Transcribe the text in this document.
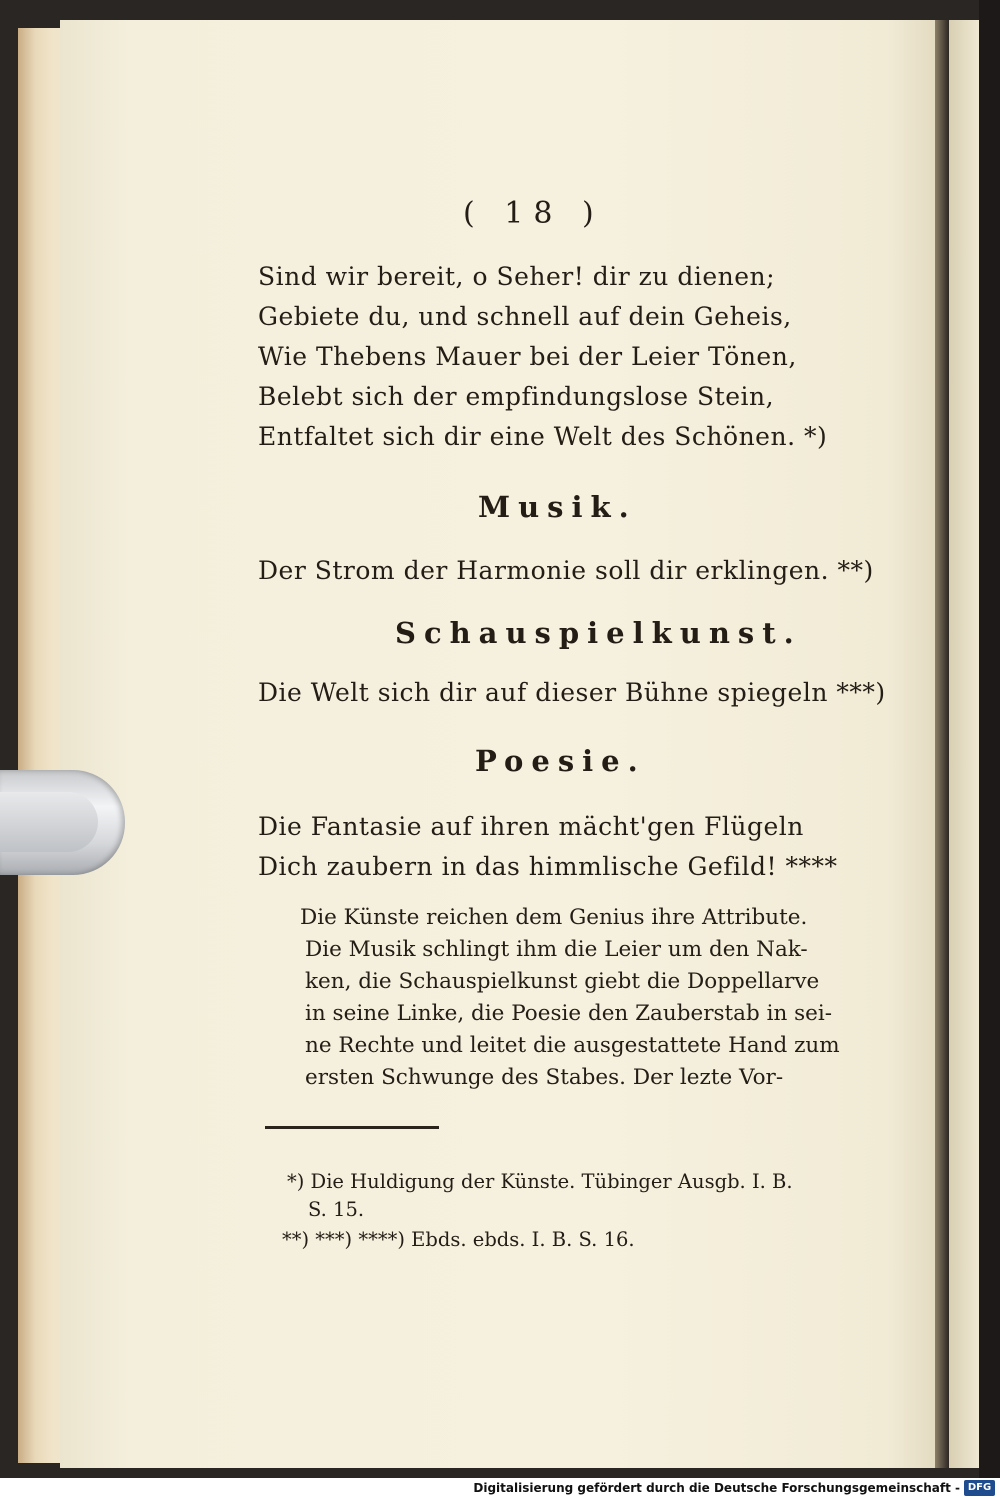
( 18 )
Sind wir bereit, o Seher! dir zu dienen;
Gebiete du, und schnell auf dein Geheis,
Wie Thebens Mauer bei der Leier Tönen,
Belebt sich der empfindungslose Stein,
Entfaltet sich dir eine Welt des Schönen. *)
Musik.
Der Strom der Harmonie soll dir erklingen. **)
Schauspielkunst.
Die Welt sich dir auf dieser Bühne spiegeln ***)
Poesie.
Die Fantasie auf ihren mächt'gen Flügeln
Dich zaubern in das himmlische Gefild! ****
Die Künste reichen dem Genius ihre Attribute.
Die Musik schlingt ihm die Leier um den Nak-
ken, die Schauspielkunst giebt die Doppellarve
in seine Linke, die Poesie den Zauberstab in sei-
ne Rechte und leitet die ausgestattete Hand zum
ersten Schwunge des Stabes. Der lezte Vor-
*) Die Huldigung der Künste. Tübinger Ausgb. I. B.
S. 15.
**) ***) ****) Ebds. ebds. I. B. S. 16.
Digitalisierung gefördert durch die Deutsche Forschungsgemeinschaft - DFG
